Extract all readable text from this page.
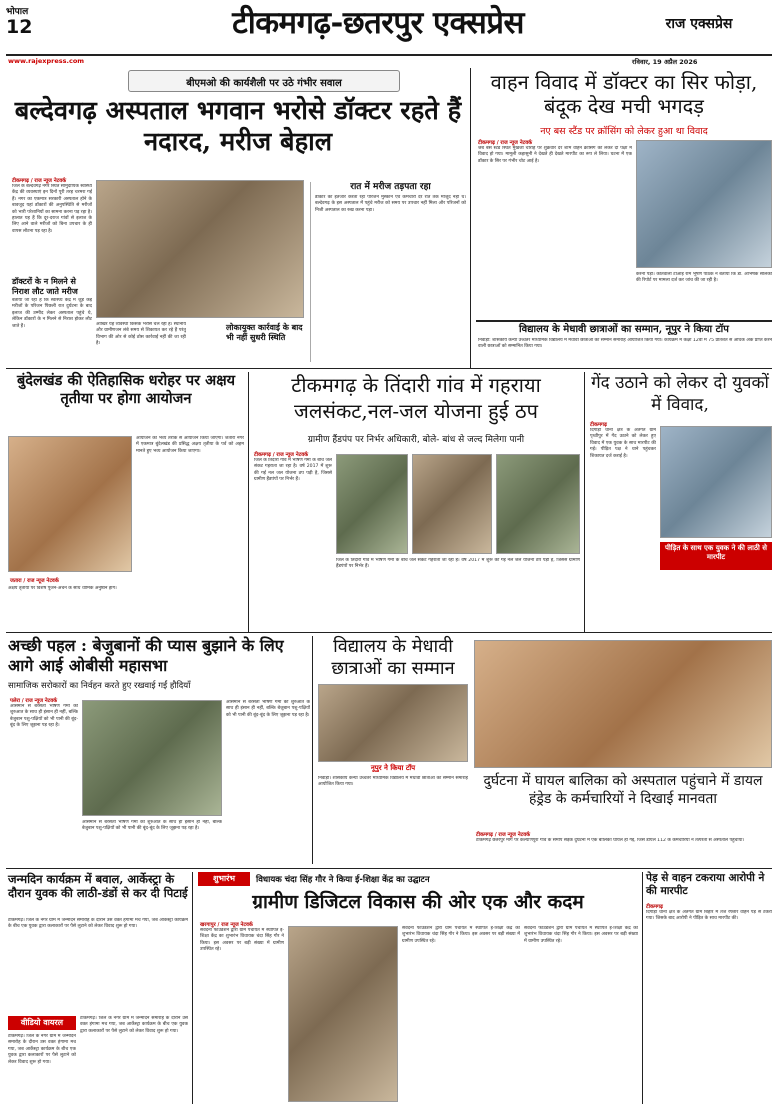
भोपाल
12	टीकमगढ़-छतरपुर एक्सप्रेस	राज एक्सप्रेस
www.rajexpress.com	रविवार, 19 अप्रैल 2026
बीएमओ की कार्यशैली पर उठे गंभीर सवाल
बल्देवगढ़ अस्पताल भगवान भरोसे डॉक्टर रहते हैं नदारद, मरीज बेहाल
टीकमगढ़ / राज न्यूज नेटवर्क
जिले के बल्देवगढ़ नगर स्थित सामुदायिक स्वास्थ्य केंद्र की व्यवस्थाएं इन दिनों पूरी तरह चरमरा गई हैं। नगर का एकमात्र सरकारी अस्पताल होने के बावजूद यहां डॉक्टरों की अनुपस्थिति से मरीजों को भारी परेशानियों का सामना करना पड़ रहा है। हालात यह हैं कि दूर-दराज गांवों से इलाज के लिए आने वाले मरीजों को बिना उपचार के ही वापस लौटना पड़ रहा है।
डॉक्टरों के न मिलने से निराश लौट जाते मरीज
बताया जा रहा है कि स्वास्थ्य केंद्र में जुड़े कई मरीजों के परिजन पिछली रात दुर्घटना के बाद इलाज की उम्मीद लेकर अस्पताल पहुंचे थे, लेकिन डॉक्टरों के न मिलने से निराश होकर लौट जाते हैं।	आखिर यह व्यवस्था किसके भरोसे चल रही है। स्थानीय और ग्रामीणजन लंबे समय से शिकायत कर रहे हैं परंतु विभाग की ओर से कोई ठोस कार्रवाई नहीं की जा रही है।
लोकायुक्त कार्रवाई के बाद भी नहीं सुधरी स्थिति
रात में मरीज तड़पता रहा
डॉक्टर का इंतजार करता रहा परिजन मुस्कान एवं कर्मचारी देर रात तक मौजूद नहीं थे। बल्देवगढ़ के इस अस्पताल में पहुंचे मरीज को समय पर उपचार नहीं मिला और परिजनों को निजी अस्पताल का रुख करना पड़ा।
वाहन विवाद में डॉक्टर का सिर फोड़ा, बंदूक देख मची भगदड़
नए बस स्टैंड पर क्रॉसिंग को लेकर हुआ था विवाद
टीकमगढ़ / राज न्यूज नेटवर्क
जब बस स्टैंड स्थित मुखर्जी चौराहे पर शुक्रवार देर शाम वाहन क्रॉसिंग को लेकर दो पक्षों में विवाद हो गया। मामूली कहासुनी ने देखते ही देखते मारपीट का रूप ले लिया। घटना में एक डॉक्टर के सिर पर गंभीर चोट आई है।
करनी पड़ी। कोतवाली टीआई राम भूषण पाठक ने बताया कि डॉ. अभिषेक सोलंकी की रिपोर्ट पर मामला दर्ज कर जांच की जा रही है।
विद्यालय के मेधावी छात्राओं का सम्मान, नूपुर ने किया टॉप
निवाड़ी: शासकीय कन्या उच्चतर माध्यमिक विद्यालय में मेधावी छात्राओं का सम्मान समारोह आयोजित किया गया। कार्यक्रम में कक्षा 12वीं में 75 प्रतिशत से अधिक अंक प्राप्त करने वाली छात्राओं को सम्मानित किया गया।
बुंदेलखंड की ऐतिहासिक धरोहर पर अक्षय तृतीया पर होगा आयोजन
जतारा / राज न्यूज नेटवर्क
आयोजन का भव्य तरीके से आयोजन किया जाएगा। जतारा नगर में एकमात्र बुंदेलखंड की प्रसिद्ध अक्षय तृतीया के पर्व को अहम मानते हुए भव्य आयोजन किया जाएगा।
अक्षय तृतीया पर विशेष पूजन-अर्चन के साथ धार्मिक अनुष्ठान होंगे।
टीकमगढ़ के तिंदारी गांव में गहराया जलसंकट,नल-जल योजना हुई ठप
ग्रामीण हैंडपंप पर निर्भर अधिकारी, बोले- बांध से जल्द मिलेगा पानी
टीकमगढ़ / राज न्यूज नेटवर्क
जिले के तिंदारी गांव में भीषण गर्मी के बीच जल संकट गहराता जा रहा है। वर्ष 2017 में शुरू की गई नल जल योजना ठप पड़ी है, जिससे ग्रामीण हैंडपंपों पर निर्भर हैं।
जिले के तिंदारी गांव में भीषण गर्मी के बीच जल संकट गहराता जा रहा है। वर्ष 2017 में शुरू की गई नल जल योजना ठप पड़ी है, जिससे ग्रामीण हैंडपंपों पर निर्भर हैं।
गेंद उठाने को लेकर दो युवकों में विवाद,
टीकमगढ़
दिगौड़ा थाना क्षेत्र के अंतर्गत ग्राम पृथ्वीपुर में गेंद उठाने को लेकर हुए विवाद में एक युवक के साथ मारपीट की गई। पीड़ित पक्ष ने थाने पहुंचकर शिकायत दर्ज कराई है।
पीड़ित के साथ एक युवक ने की लाठी से मारपीट
अच्छी पहल : बेजुबानों की प्यास बुझाने के लिए आगे आई ओबीसी महासभा
सामाजिक सरोकारों का निर्वहन करते हुए रखवाई गईं हौदियाँ
पलेरा / राज न्यूज नेटवर्क
आसमान से बरसती भीषण गर्मी की शुरुआत के साथ ही इंसान ही नहीं, बल्कि बेजुबान पशु-पक्षियों को भी पानी की बूंद-बूंद के लिए जूझना पड़ रहा है।
आसमान से बरसती भीषण गर्मी की शुरुआत के साथ ही इंसान ही नहीं, बल्कि बेजुबान पशु-पक्षियों को भी पानी की बूंद-बूंद के लिए जूझना पड़ रहा है।
आसमान से बरसती भीषण गर्मी की शुरुआत के साथ ही इंसान ही नहीं, बल्कि बेजुबान पशु-पक्षियों को भी पानी की बूंद-बूंद के लिए जूझना पड़ रहा है।
विद्यालय के मेधावी छात्राओं का सम्मान
नूपुर ने किया टॉप
निवाड़ी। शासकीय कन्या उच्चतर माध्यमिक विद्यालय में मेधावी छात्राओं का सम्मान समारोह आयोजित किया गया।	दुर्घटना में घायल बालिका को अस्पताल पहुंचाने में डायल हंड्रेड के कर्मचारियों ने दिखाई मानवता
टीकमगढ़ / राज न्यूज नेटवर्क
टीकमगढ़ छतरपुर मार्ग पर कल्याणपुरा गांव के समीप सड़क दुर्घटना में एक बालिका घायल हो गई, जिसे डायल 112 के कर्मचारियों ने तत्परता से अस्पताल पहुंचाया।
जन्मदिन कार्यक्रम में बवाल, आर्केस्ट्रा के दौरान युवक की लाठी-डंडों से कर दी पिटाई
टीकमगढ़। जिले के नगर ग्राम में जन्मदिन समारोह के दौरान उस वक्त हंगामा मच गया, जब आर्केस्ट्रा कार्यक्रम के बीच एक युवक द्वारा कलाकारों पर पैसे लुटाने को लेकर विवाद शुरू हो गया।
वीडियो वायरल	टीकमगढ़। जिले के नगर ग्राम में जन्मदिन समारोह के दौरान उस वक्त हंगामा मच गया, जब आर्केस्ट्रा कार्यक्रम के बीच एक युवक द्वारा कलाकारों पर पैसे लुटाने को लेकर विवाद शुरू हो गया।
टीकमगढ़। जिले के नगर ग्राम में जन्मदिन समारोह के दौरान उस वक्त हंगामा मच गया, जब आर्केस्ट्रा कार्यक्रम के बीच एक युवक द्वारा कलाकारों पर पैसे लुटाने को लेकर विवाद शुरू हो गया।
शुभारंभ	विधायक चंदा सिंह गौर ने किया ई-शिक्षा केंद्र का उद्घाटन
ग्रामीण डिजिटल विकास की ओर एक और कदम
खरगापुर / राज न्यूज नेटवर्क
संवेदना फाउंडेशन द्वारा ग्राम पंचायत में स्थापित ई-शिक्षा केंद्र का शुभारंभ विधायक चंदा सिंह गौर ने किया। इस अवसर पर बड़ी संख्या में ग्रामीण उपस्थित रहे।
संवेदना फाउंडेशन द्वारा ग्राम पंचायत में स्थापित ई-शिक्षा केंद्र का शुभारंभ विधायक चंदा सिंह गौर ने किया। इस अवसर पर बड़ी संख्या में ग्रामीण उपस्थित रहे।
संवेदना फाउंडेशन द्वारा ग्राम पंचायत में स्थापित ई-शिक्षा केंद्र का शुभारंभ विधायक चंदा सिंह गौर ने किया। इस अवसर पर बड़ी संख्या में ग्रामीण उपस्थित रहे।
पेड़ से वाहन टकराया आरोपी ने की मारपीट
टीकमगढ़
दिगौड़ा थाना क्षेत्र के अंतर्गत ग्राम बिहार में तेज रफ्तार वाहन पेड़ से टकरा गया। जिसके बाद आरोपी ने पीड़ित के साथ मारपीट की।
